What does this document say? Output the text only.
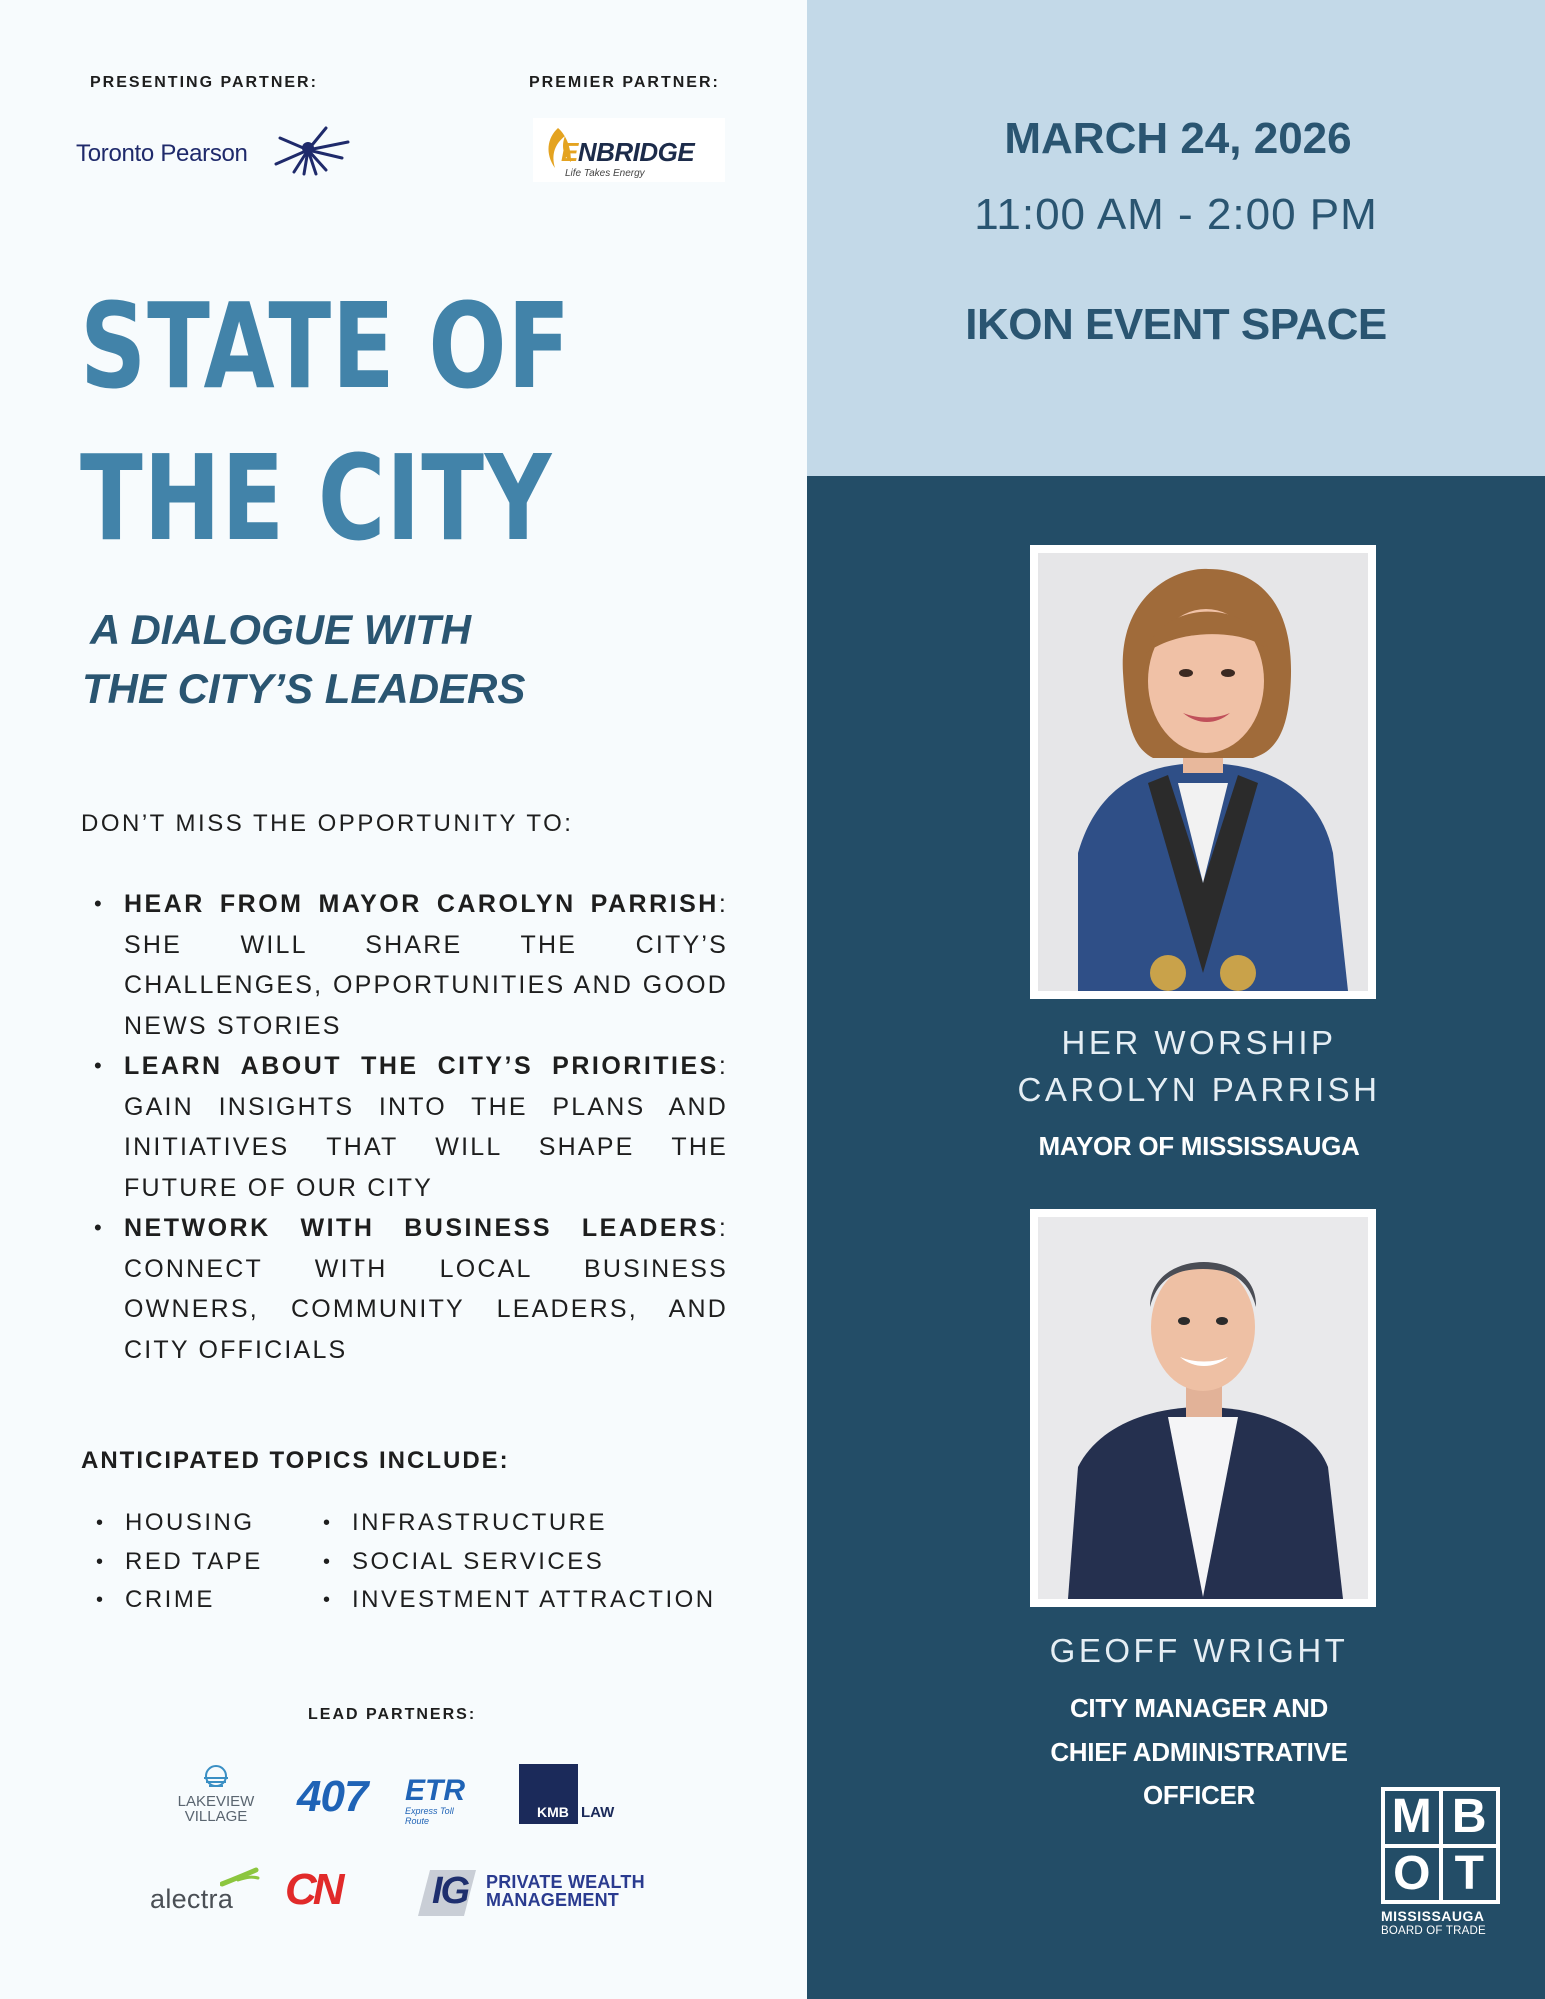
PRESENTING PARTNER:	PREMIER PARTNER:
Toronto Pearson	ENBRIDGE
Life Takes Energy
STATE OF
THE CITY
A DIALOGUE WITH
THE CITY’S LEADERS
DON’T MISS THE OPPORTUNITY TO:
• HEAR FROM MAYOR CAROLYN PARRISH: SHE WILL SHARE THE CITY’S CHALLENGES, OPPORTUNITIES AND GOOD NEWS STORIES
• LEARN ABOUT THE CITY’S PRIORITIES: GAIN INSIGHTS INTO THE PLANS AND INITIATIVES THAT WILL SHAPE THE FUTURE OF OUR CITY
• NETWORK WITH BUSINESS LEADERS: CONNECT WITH LOCAL BUSINESS OWNERS, COMMUNITY LEADERS, AND CITY OFFICIALS
ANTICIPATED TOPICS INCLUDE:
• HOUSING
• RED TAPE
• CRIME
• INFRASTRUCTURE
• SOCIAL SERVICES
• INVESTMENT ATTRACTION
LEAD PARTNERS:
LAKEVIEW
VILLAGE 407 ETR
Express Toll Route
KMB LAW
alectra CN	IG PRIVATE WEALTH
MANAGEMENT
MARCH 24, 2026
11:00 AM - 2:00 PM
IKON EVENT SPACE
HER WORSHIP
CAROLYN PARRISH
MAYOR OF MISSISSAUGA
GEOFF WRIGHT
CITY MANAGER AND
CHIEF ADMINISTRATIVE
OFFICER	M B
O T
MISSISSAUGA
BOARD OF TRADE
